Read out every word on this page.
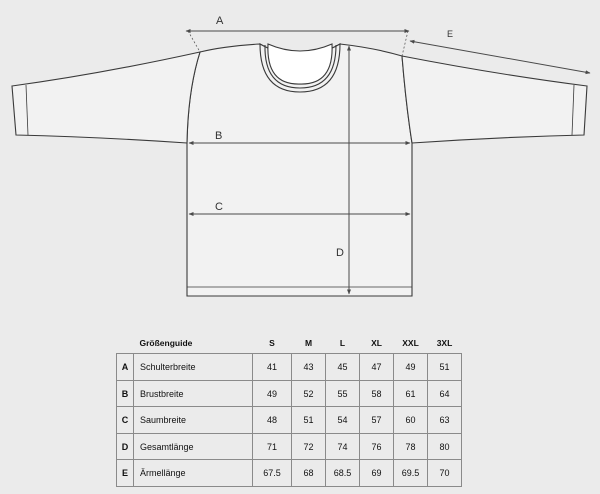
A
B
C
D
E
	Größenguide	S	M	L	XL	XXL	3XL
A	Schulterbreite	41	43	45	47	49	51
B	Brustbreite	49	52	55	58	61	64
C	Saumbreite	48	51	54	57	60	63
D	Gesamtlänge	71	72	74	76	78	80
E	Ärmellänge	67.5	68	68.5	69	69.5	70
